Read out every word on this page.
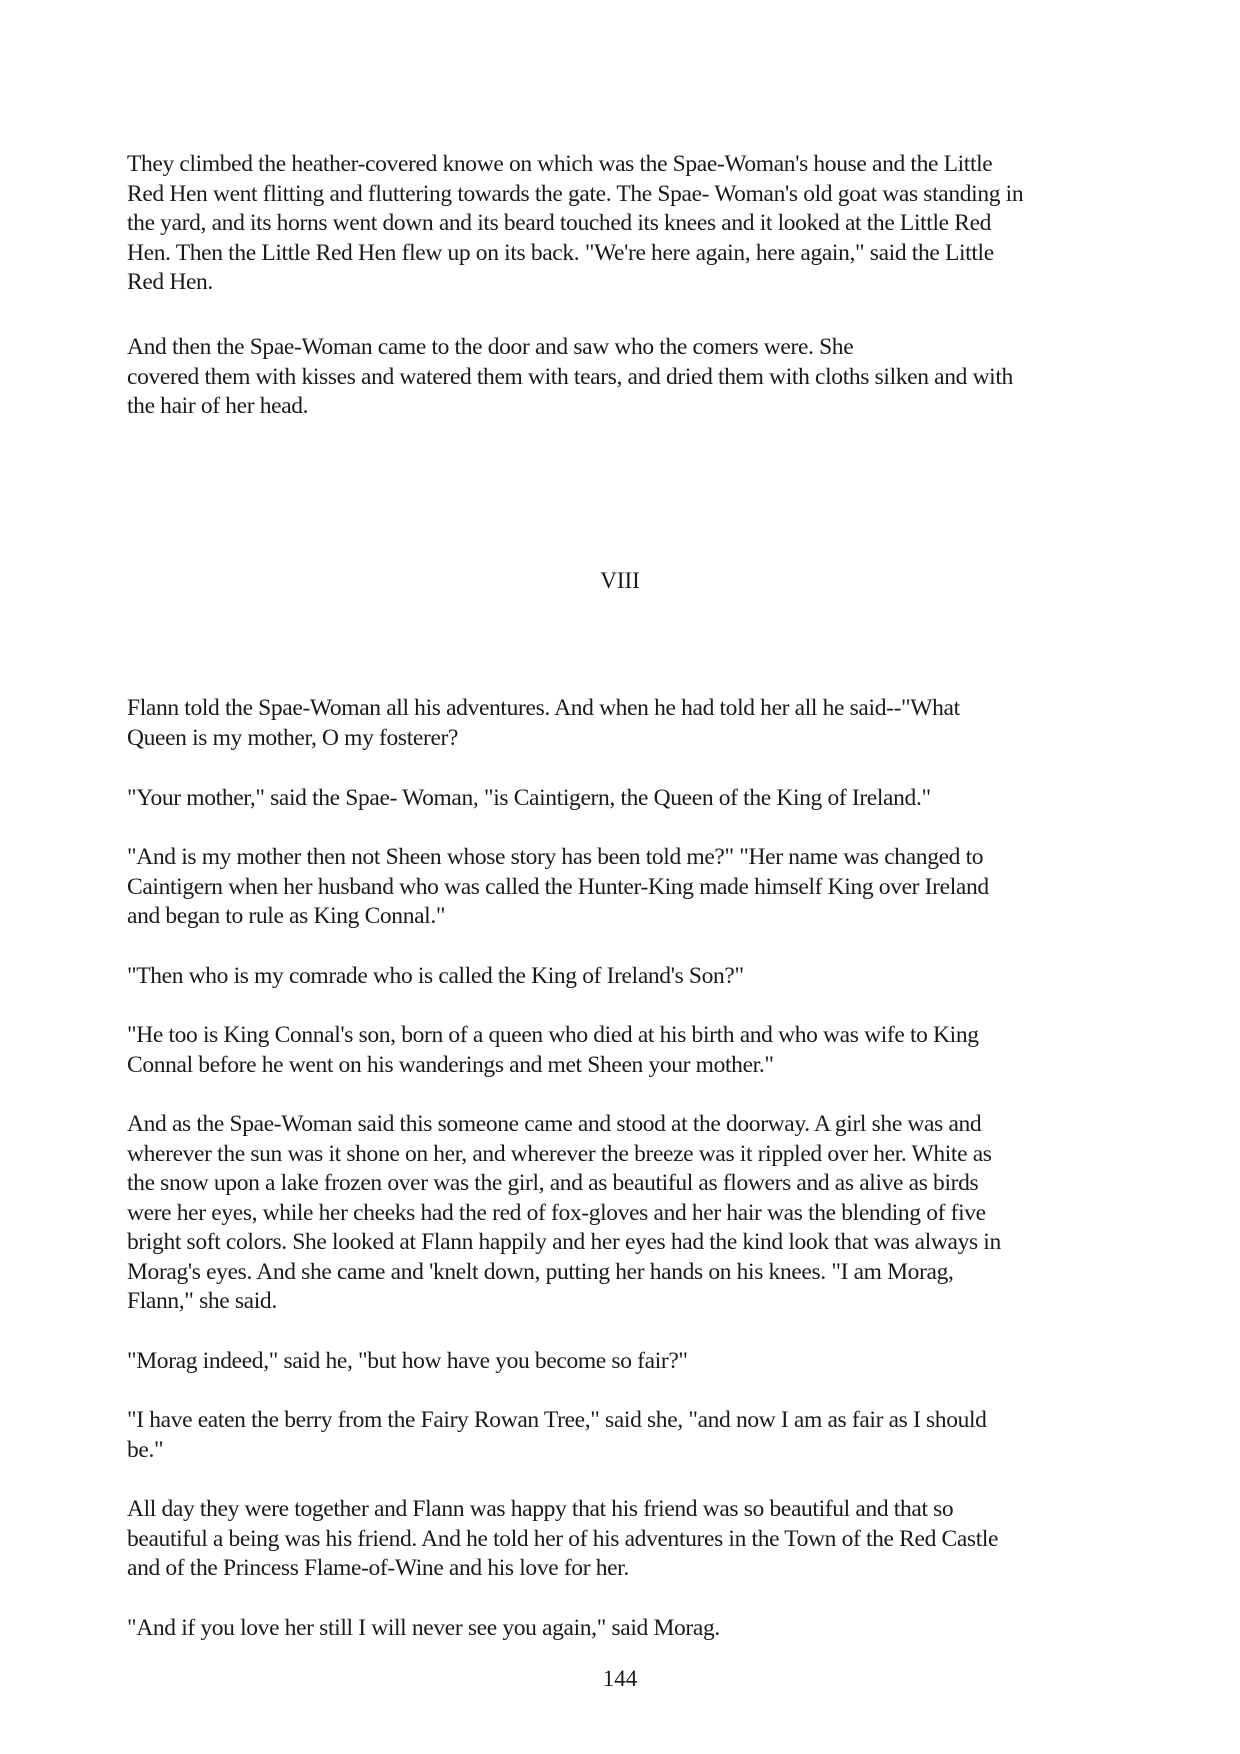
They climbed the heather-covered knowe on which was the Spae-Woman's house and the Little
Red Hen went flitting and fluttering towards the gate. The Spae- Woman's old goat was standing in
the yard, and its horns went down and its beard touched its knees and it looked at the Little Red
Hen. Then the Little Red Hen flew up on its back. "We're here again, here again," said the Little
Red Hen.

And then the Spae-Woman came to the door and saw who the comers were. She
covered them with kisses and watered them with tears, and dried them with cloths silken and with
the hair of her head.

VIII

Flann told the Spae-Woman all his adventures. And when he had told her all he said--"What
Queen is my mother, O my fosterer?

"Your mother," said the Spae- Woman, "is Caintigern, the Queen of the King of Ireland."

"And is my mother then not Sheen whose story has been told me?" "Her name was changed to
Caintigern when her husband who was called the Hunter-King made himself King over Ireland
and began to rule as King Connal."

"Then who is my comrade who is called the King of Ireland's Son?"

"He too is King Connal's son, born of a queen who died at his birth and who was wife to King
Connal before he went on his wanderings and met Sheen your mother."

And as the Spae-Woman said this someone came and stood at the doorway. A girl she was and
wherever the sun was it shone on her, and wherever the breeze was it rippled over her. White as
the snow upon a lake frozen over was the girl, and as beautiful as flowers and as alive as birds
were her eyes, while her cheeks had the red of fox-gloves and her hair was the blending of five
bright soft colors. She looked at Flann happily and her eyes had the kind look that was always in
Morag's eyes. And she came and 'knelt down, putting her hands on his knees. "I am Morag,
Flann," she said.

"Morag indeed," said he, "but how have you become so fair?"

"I have eaten the berry from the Fairy Rowan Tree," said she, "and now I am as fair as I should
be."

All day they were together and Flann was happy that his friend was so beautiful and that so
beautiful a being was his friend. And he told her of his adventures in the Town of the Red Castle
and of the Princess Flame-of-Wine and his love for her.

"And if you love her still I will never see you again," said Morag.

144
